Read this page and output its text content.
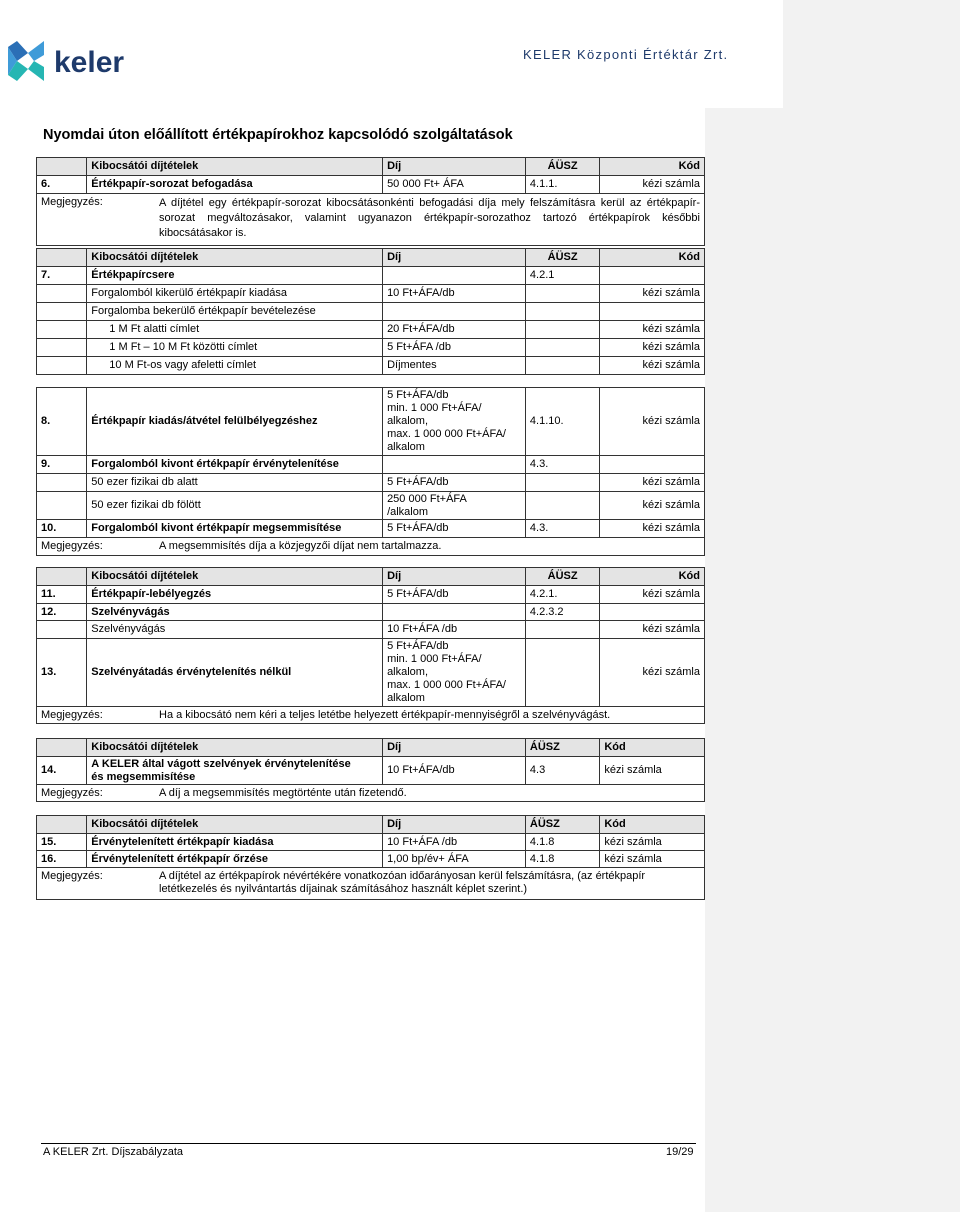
keler	KELER Központi Értéktár Zrt.
Nyomdai úton előállított értékpapírokhoz kapcsolódó szolgáltatások
	Kibocsátói díjtételek	Díj	ÁÜSZ	Kód
6.	Értékpapír-sorozat befogadása	50 000 Ft+ ÁFA	4.1.1.	kézi számla

Megjegyzés: A díjtétel egy értékpapír-sorozat kibocsátásonkénti befogadási díja mely felszámításra kerül az értékpapír-sorozat megváltozásakor, valamint ugyanazon értékpapír-sorozathoz tartozó értékpapírok későbbi kibocsátásakor is.				
	Kibocsátói díjtételek	Díj	ÁÜSZ	Kód
7.	Értékpapírcsere		4.2.1	
	Forgalomból kikerülő értékpapír kiadása	10 Ft+ÁFA/db		kézi számla
	Forgalomba bekerülő értékpapír bevételezése			
	1 M Ft alatti címlet	20 Ft+ÁFA/db		kézi számla
	1 M Ft – 10 M Ft közötti címlet	5 Ft+ÁFA /db		kézi számla
	10 M Ft-os vagy afeletti címlet	Díjmentes		kézi számla
8.	Értékpapír kiadás/átvétel felülbélyegzéshez	5 Ft+ÁFA/db
min. 1 000 Ft+ÁFA/
alkalom,
max. 1 000 000 Ft+ÁFA/
alkalom	4.1.10.	kézi számla
9.	Forgalomból kivont értékpapír érvénytelenítése		4.3.	
	50 ezer fizikai db alatt	5 Ft+ÁFA/db		kézi számla
	50 ezer fizikai db fölött	250 000 Ft+ÁFA
/alkalom		kézi számla
10.	Forgalomból kivont értékpapír megsemmisítése	5 Ft+ÁFA/db	4.3.	kézi számla

Megjegyzés: A megsemmisítés díja a közjegyzői díjat nem tartalmazza.				
	Kibocsátói díjtételek	Díj	ÁÜSZ	Kód
11.	Értékpapír-lebélyegzés	5 Ft+ÁFA/db	4.2.1.	kézi számla
12.	Szelvényvágás		4.2.3.2	
	Szelvényvágás	10 Ft+ÁFA /db		kézi számla
13.	Szelvényátadás érvénytelenítés nélkül	5 Ft+ÁFA/db
min. 1 000 Ft+ÁFA/
alkalom,
max. 1 000 000 Ft+ÁFA/
alkalom		kézi számla

Megjegyzés: Ha a kibocsátó nem kéri a teljes letétbe helyezett értékpapír-mennyiségről a szelvényvágást.				
	Kibocsátói díjtételek	Díj	ÁÜSZ	Kód
14.	A KELER által vágott szelvények érvénytelenítése
és megsemmisítése	10 Ft+ÁFA/db	4.3	kézi számla

Megjegyzés: A díj a megsemmisítés megtörténte után fizetendő.				
	Kibocsátói díjtételek	Díj	ÁÜSZ	Kód
15.	Érvénytelenített értékpapír kiadása	10 Ft+ÁFA /db	4.1.8	kézi számla
16.	Érvénytelenített értékpapír őrzése	1,00 bp/év+ ÁFA	4.1.8	kézi számla

Megjegyzés: A díjtétel az értékpapírok névértékére vonatkozóan időarányosan kerül felszámításra, (az értékpapír letétkezelés és nyilvántartás díjainak számításához használt képlet szerint.)				
A KELER Zrt. Díjszabályzata	19/29
